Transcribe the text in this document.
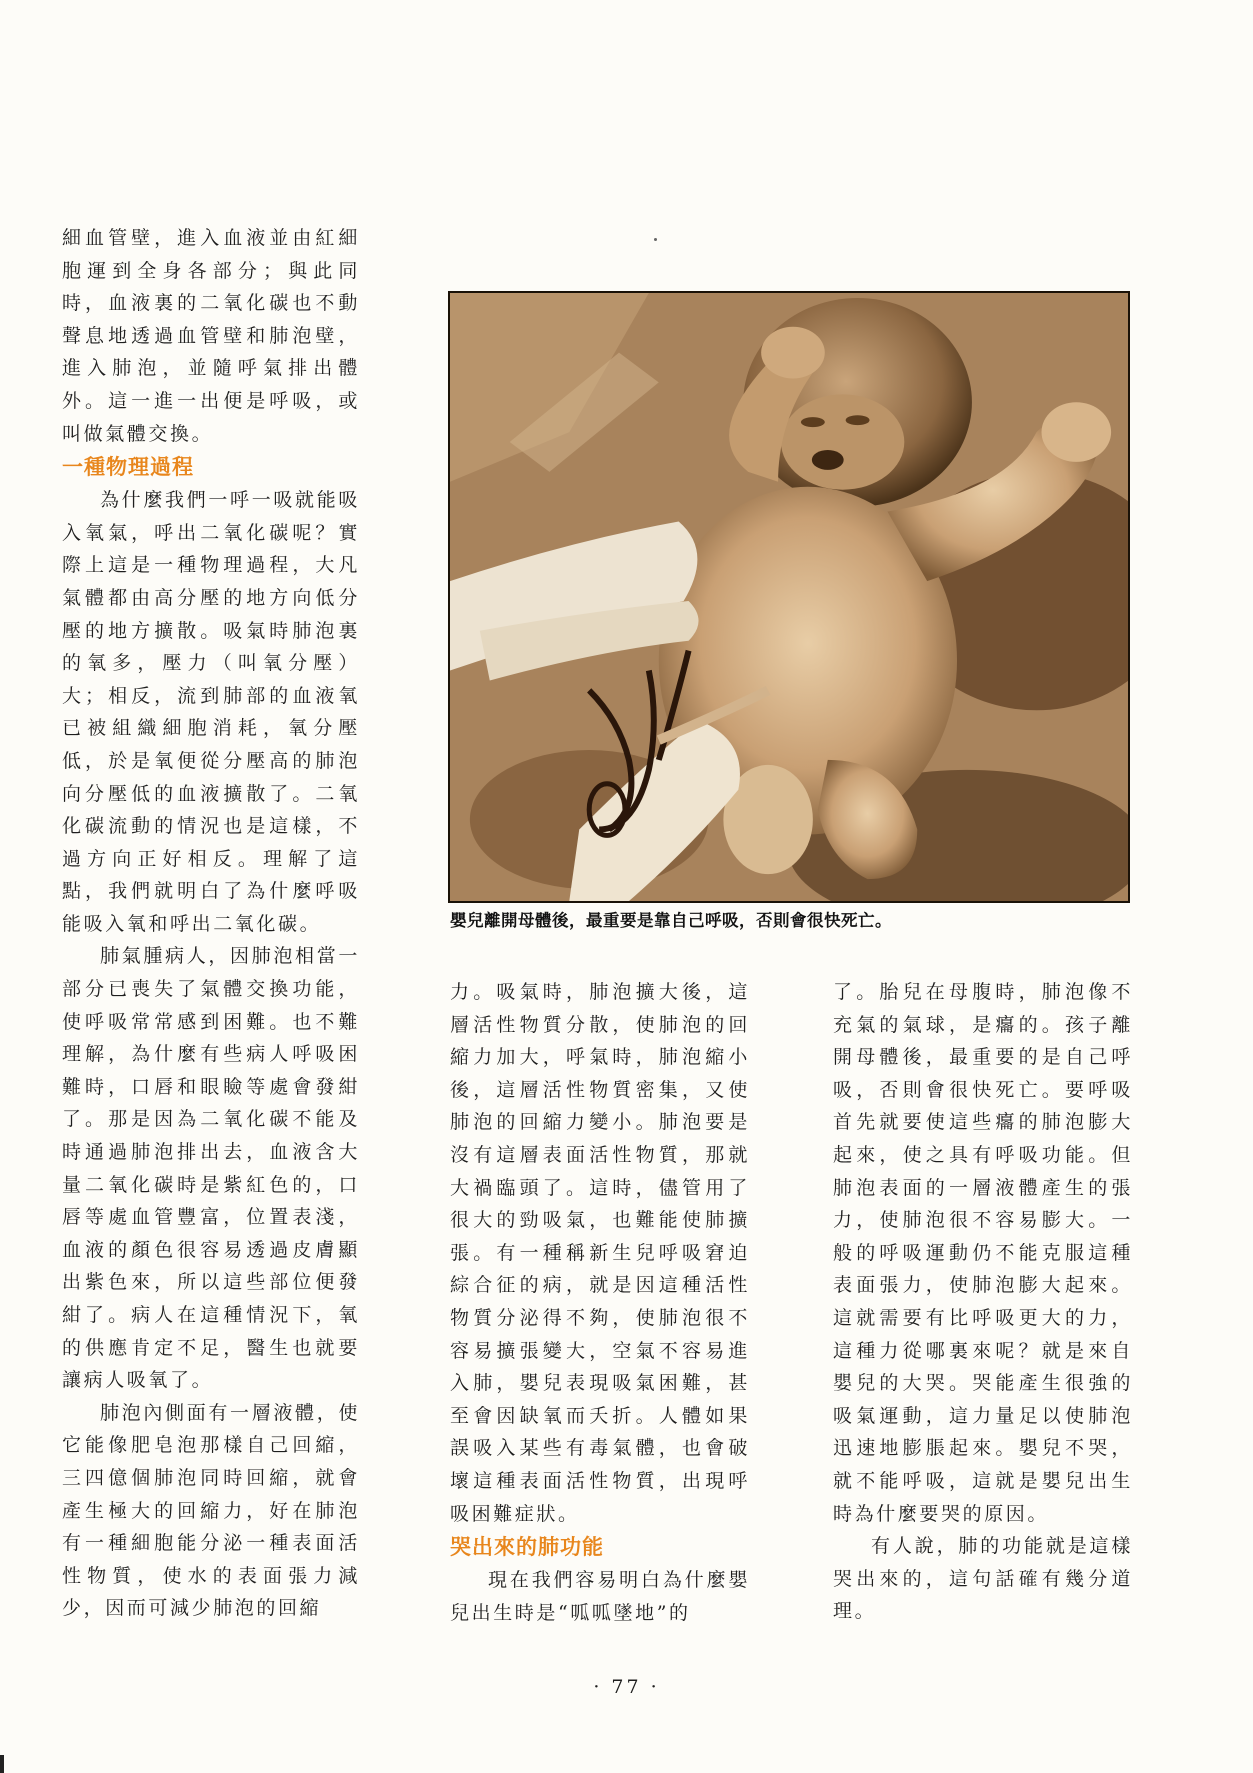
細血管壁，進入血液並由紅細胞運到全身各部分；與此同時，血液裏的二氧化碳也不動聲息地透過血管壁和肺泡壁，進入肺泡，並隨呼氣排出體外。這一進一出便是呼吸，或叫做氣體交換。

一種物理過程

為什麼我們一呼一吸就能吸入氧氣，呼出二氧化碳呢？實際上這是一種物理過程，大凡氣體都由高分壓的地方向低分壓的地方擴散。吸氣時肺泡裏的氧多，壓力（叫氧分壓）大；相反，流到肺部的血液氧已被組織細胞消耗，氧分壓低，於是氧便從分壓高的肺泡向分壓低的血液擴散了。二氧化碳流動的情況也是這樣，不過方向正好相反。理解了這點，我們就明白了為什麼呼吸能吸入氧和呼出二氧化碳。

肺氣腫病人，因肺泡相當一部分已喪失了氣體交換功能，使呼吸常常感到困難。也不難理解，為什麼有些病人呼吸困難時，口唇和眼瞼等處會發紺了。那是因為二氧化碳不能及時通過肺泡排出去，血液含大量二氧化碳時是紫紅色的，口唇等處血管豐富，位置表淺，血液的顏色很容易透過皮膚顯出紫色來，所以這些部位便發紺了。病人在這種情況下，氧的供應肯定不足，醫生也就要讓病人吸氧了。

肺泡內側面有一層液體，使它能像肥皂泡那樣自己回縮，三四億個肺泡同時回縮，就會產生極大的回縮力，好在肺泡有一種細胞能分泌一種表面活性物質，使水的表面張力減少，因而可減少肺泡的回縮

嬰兒離開母體後，最重要是靠自己呼吸，否則會很快死亡。

力。吸氣時，肺泡擴大後，這層活性物質分散，使肺泡的回縮力加大，呼氣時，肺泡縮小後，這層活性物質密集，又使肺泡的回縮力變小。肺泡要是沒有這層表面活性物質，那就大禍臨頭了。這時，儘管用了很大的勁吸氣，也難能使肺擴張。有一種稱新生兒呼吸窘迫綜合征的病，就是因這種活性物質分泌得不夠，使肺泡很不容易擴張變大，空氣不容易進入肺，嬰兒表現吸氣困難，甚至會因缺氧而夭折。人體如果誤吸入某些有毒氣體，也會破壞這種表面活性物質，出現呼吸困難症狀。

哭出來的肺功能

現在我們容易明白為什麼嬰兒出生時是“呱呱墜地”的

了。胎兒在母腹時，肺泡像不充氣的氣球，是癟的。孩子離開母體後，最重要的是自己呼吸，否則會很快死亡。要呼吸首先就要使這些癟的肺泡膨大起來，使之具有呼吸功能。但肺泡表面的一層液體產生的張力，使肺泡很不容易膨大。一般的呼吸運動仍不能克服這種表面張力，使肺泡膨大起來。這就需要有比呼吸更大的力，這種力從哪裏來呢？就是來自嬰兒的大哭。哭能產生很強的吸氣運動，這力量足以使肺泡迅速地膨脹起來。嬰兒不哭，就不能呼吸，這就是嬰兒出生時為什麼要哭的原因。

有人說，肺的功能就是這樣哭出來的，這句話確有幾分道理。

· 77 ·
